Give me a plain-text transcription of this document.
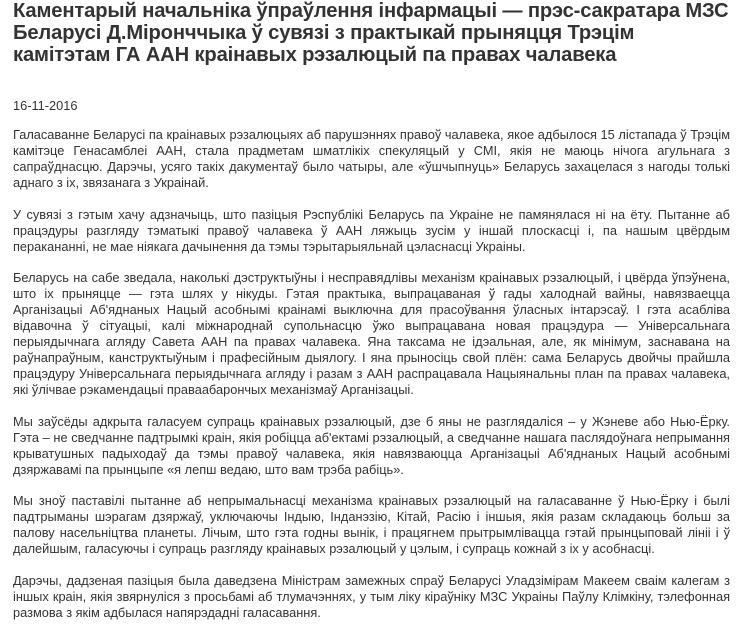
Каментарый начальніка ўпраўлення інфармацыі — прэс-сакратара МЗС Беларусі Д.Міронччыка ў сувязі з практыкай прыняцця Трэцім камітэтам ГА ААН краінавых рэзалюцый па правах чалавека
16-11-2016

Галасаванне Беларусі па краінавых рэзалюцыях аб парушэннях правоў чалавека, якое адбылося 15 лістапада ў Трэцім камітэце Генасамблеі ААН, стала прадметам шматлікіх спекуляцый у СМІ, якія не маюць нічога агульнага з сапраўднасцю. Дарэчы, усяго такіх дакументаў было чатыры, але «ўшчыпнуць» Беларусь захацелася з нагоды толькі аднаго з іх, звязанага з Украінай.

У сувязі з гэтым хачу адзначыць, што пазіцыя Рэспублікі Беларусь па Украіне не памянялася ні на ёту. Пытанне аб працэдуры разгляду тэматыкі правоў чалавека ў ААН ляжыць зусім у іншай плоскасці і, па нашым цвёрдым перакананні, не мае ніякага дачынення да тэмы тэрытарыяльнай цэласнасці Украіны.

Беларусь на сабе зведала, наколькі дэструктыўны і несправядлівы механізм краінавых рэзалюцый, і цвёрда ўпэўнена, што іх прыняцце — гэта шлях у нікуды. Гэтая практыка, выпрацаваная ў гады халоднай вайны, навязваецца Арганізацыі Аб'яднаных Нацый асобнымі краінамі выключна для прасоўвання ўласных інтарэсаў. І гэта асабліва відавочна ў сітуацыі, калі міжнароднай супольнасцю ўжо выпрацавана новая працэдура — Універсальнага перыядычнага агляду Савета ААН па правах чалавека. Яна таксама не ідэальная, але, як мінімум, заснавана на раўнапраўным, канструктыўным і прафесійным дыялогу. І яна прыносіць свой плён: сама Беларусь двойчы прайшла працэдуру Універсальнага перыядычнага агляду і разам з ААН распрацавала Нацыянальны план па правах чалавека, які ўлічвае рэкамендацыі праваабарончых механізмаў Арганізацыі.

Мы заўсёды адкрыта галасуем супраць краінавых рэзалюцый, дзе б яны не разглядаліся – у Жэневе або Нью-Ёрку. Гэта – не сведчанне падтрымкі краін, якія робіцца аб'ектамі рэзалюцый, а сведчанне нашага паслядоўнага непрымання крыватушных падыходаў да тэмы правоў чалавека, якія навязваюцца Арганізацыі Аб'яднаных Нацый асобнымі дзяржавамі па прынцыпе «я лепш ведаю, што вам трэба рабіць».

Мы зноў паставілі пытанне аб непрымальнасці механізма краінавых рэзалюцый на галасаванне ў Нью-Ёрку і былі падтрыманы шэрагам дзяржаў, уключаючы Індыю, Інданэзію, Кітай, Расію і іншыя, якія разам складаюць больш за палову насельніцтва планеты. Лічым, што гэта годны вынік, і працягнем прытрымлівацца гэтай прынцыповай лініі і ў далейшым, галасуючы і супраць разгляду краінавых рэзалюцый у цэлым, і супраць кожнай з іх у асобнасці.

Дарэчы, дадзеная пазіцыя была даведзена Міністрам замежных спраў Беларусі Уладзімірам Макеем сваім калегам з іншых краін, якія звярнуліся з просьбамі аб тлумачэннях, у тым ліку кіраўніку МЗС Украіны Паўлу Клімкіну, тэлефонная размова з якім адбылася напярэдадні галасавання.
